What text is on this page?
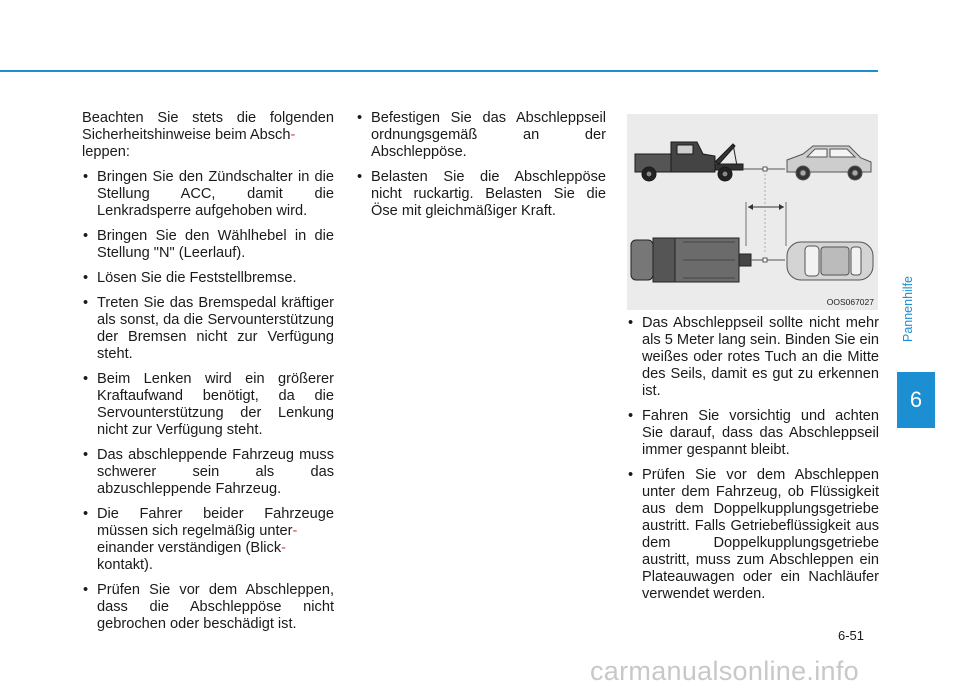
Beachten Sie stets die folgenden Sicherheitshinweise beim Absch-
leppen:

• Bringen Sie den Zündschalter in die Stellung ACC, damit die Lenkradsperre aufgehoben wird.
• Bringen Sie den Wählhebel in die Stellung "N" (Leerlauf).
• Lösen Sie die Feststellbremse.
• Treten Sie das Bremspedal kräftiger als sonst, da die Servounterstützung der Bremsen nicht zur Verfügung steht.
• Beim Lenken wird ein größerer Kraftaufwand benötigt, da die Servounterstützung der Lenkung nicht zur Verfügung steht.
• Das abschleppende Fahrzeug muss schwerer sein als das abzuschleppende Fahrzeug.
• Die Fahrer beider Fahrzeuge müssen sich regelmäßig unter-
einander verständigen (Blick-
kontakt).
• Prüfen Sie vor dem Abschleppen, dass die Abschleppöse nicht gebrochen oder beschädigt ist.
• Befestigen Sie das Abschleppseil ordnungsgemäß an der Abschleppöse.
• Belasten Sie die Abschleppöse nicht ruckartig. Belasten Sie die Öse mit gleichmäßiger Kraft.
OOS067027
• Das Abschleppseil sollte nicht mehr als 5 Meter lang sein. Binden Sie ein weißes oder rotes Tuch an die Mitte des Seils, damit es gut zu erkennen ist.
• Fahren Sie vorsichtig und achten Sie darauf, dass das Abschleppseil immer gespannt bleibt.
• Prüfen Sie vor dem Abschleppen unter dem Fahrzeug, ob Flüssigkeit aus dem Doppelkupplungsgetriebe austritt. Falls Getriebeflüssigkeit aus dem Doppelkupplungsgetriebe austritt, muss zum Abschleppen ein Plateauwagen oder ein Nachläufer verwendet werden.
Pannenhilfe
6
6-51
carmanualsonline.info
